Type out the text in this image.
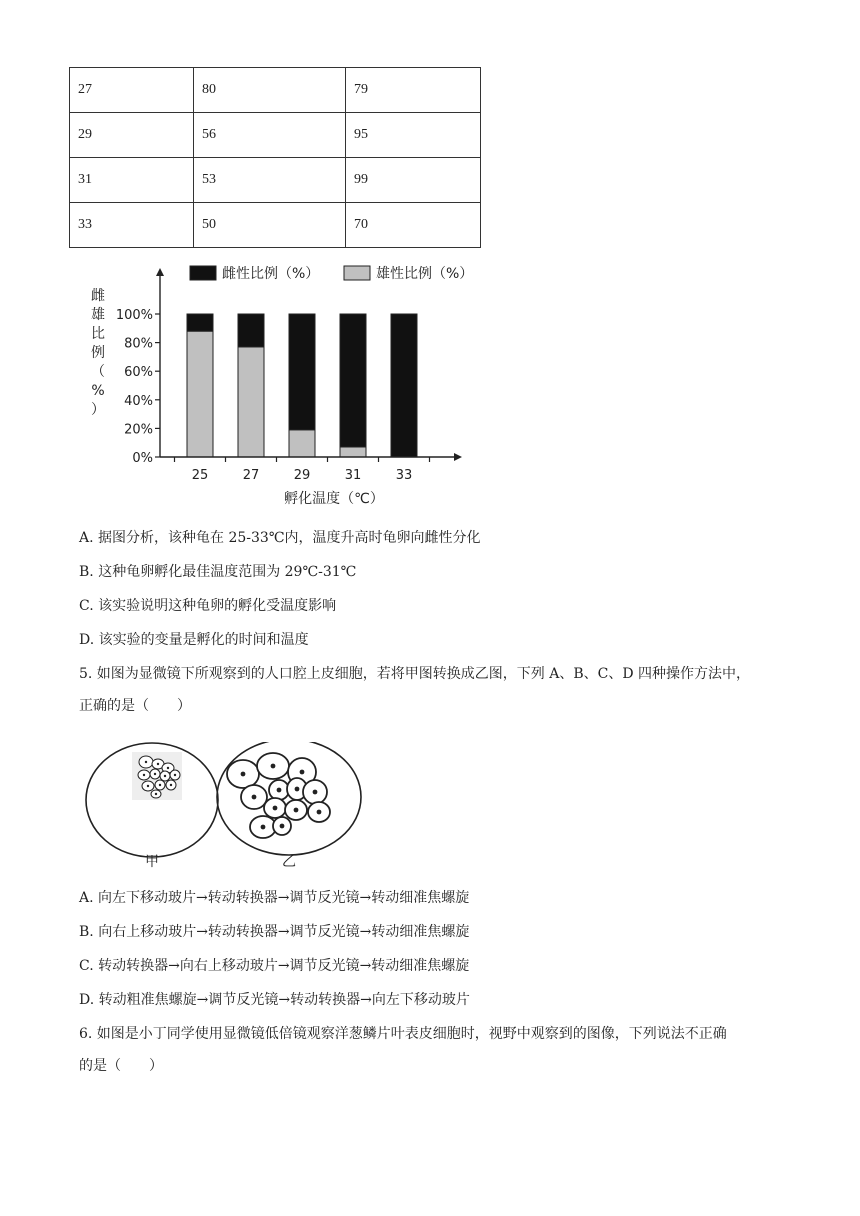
27	80	79
29	56	95
31	53	99
33	50	70
雌性比例（%）	雄性比例（%）
雌
雄
比
例
（
%
）
0%
20%
40%
60%
80%
100%
25	27	29	31	33
孵化温度（℃）
A. 据图分析，该种龟在 25-33℃内，温度升高时龟卵向雌性分化
B. 这种龟卵孵化最佳温度范围为 29℃-31℃
C. 该实验说明这种龟卵的孵化受温度影响
D. 该实验的变量是孵化的时间和温度
5. 如图为显微镜下所观察到的人口腔上皮细胞，若将甲图转换成乙图，下列 A、B、C、D 四种操作方法中，
正确的是（　　）
甲	乙
A. 向左下移动玻片→转动转换器→调节反光镜→转动细准焦螺旋
B. 向右上移动玻片→转动转换器→调节反光镜→转动细准焦螺旋
C. 转动转换器→向右上移动玻片→调节反光镜→转动细准焦螺旋
D. 转动粗准焦螺旋→调节反光镜→转动转换器→向左下移动玻片
6. 如图是小丁同学使用显微镜低倍镜观察洋葱鳞片叶表皮细胞时，视野中观察到的图像，下列说法不正确
的是（　　）
